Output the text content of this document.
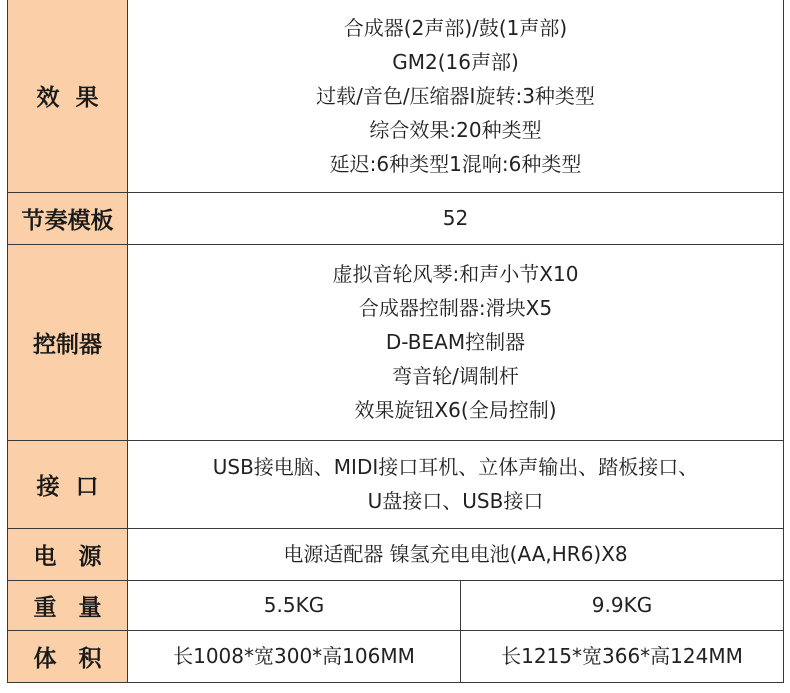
效果	合成器(2声部)/鼓(1声部)
GM2(16声部)
过载/音色/压缩器I旋转:3种类型
综合效果:20种类型
延迟:6种类型1混响:6种类型	

节奏模板	52	

控制器	虚拟音轮风琴:和声小节X10
合成器控制器:滑块X5
D-BEAM控制器
弯音轮/调制杆
效果旋钮X6(全局控制)	

接口	USB接电脑、MIDI接口耳机、立体声输出、踏板接口、
U盘接口、USB接口	

电源	电源适配器 镍氢充电电池(AA,HR6)X8	

重量	5.5KG	9.9KG
体积	长1008*宽300*高106MM	长1215*宽366*高124MM
